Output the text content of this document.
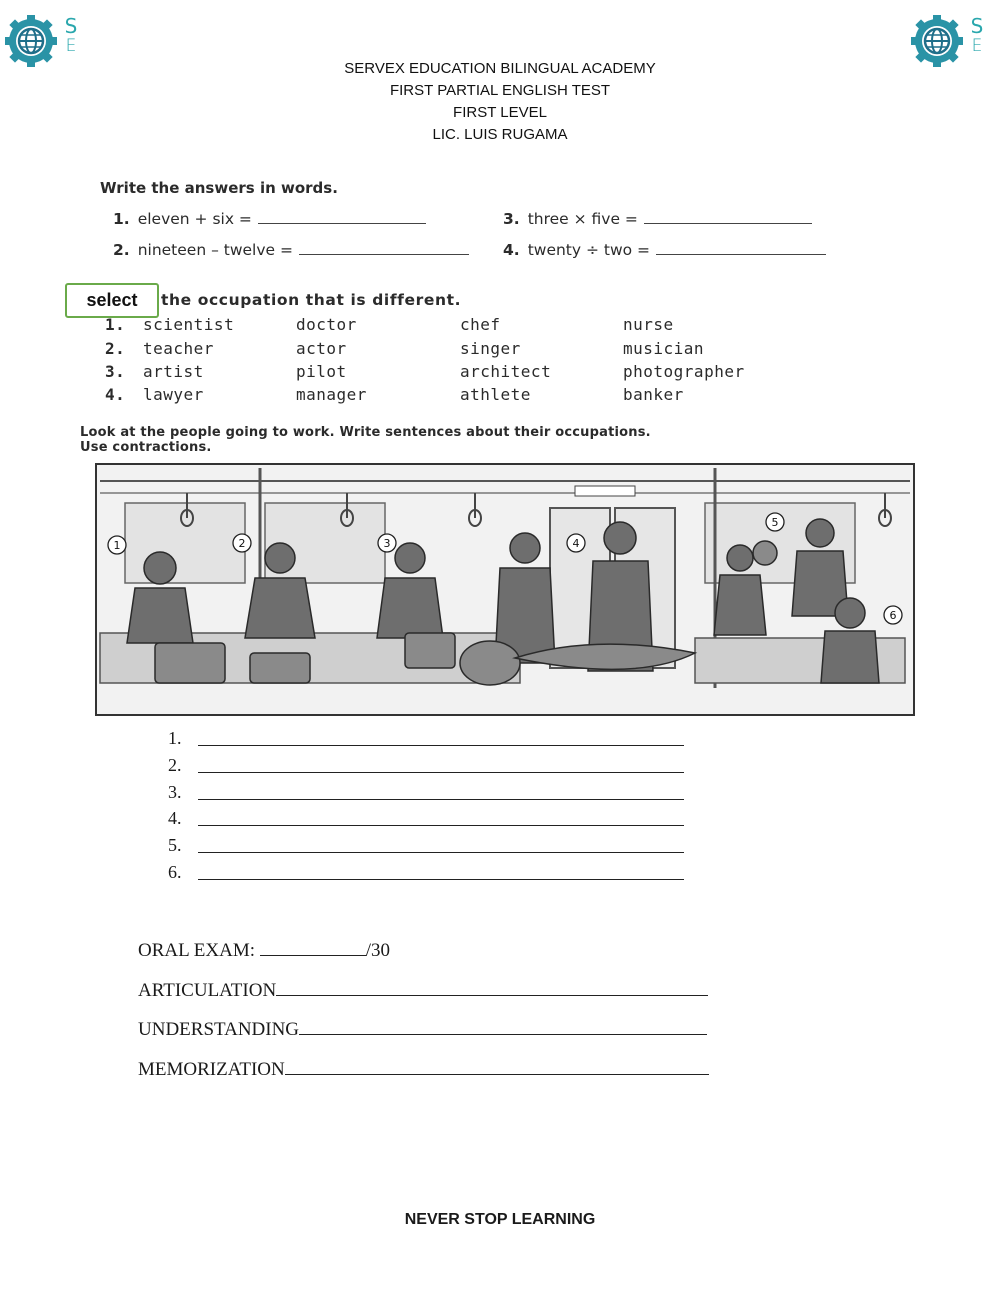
S
E
S
E
SERVEX EDUCATION BILINGUAL ACADEMY
FIRST PARTIAL ENGLISH TEST
FIRST LEVEL
LIC. LUIS RUGAMA
Write the answers in words.
1. eleven + six =
2. nineteen – twelve =
3. three × five =
4. twenty ÷ two =
select	the occupation that is different.
1. scientist	doctor	chef	nurse
2. teacher	actor	singer	musician
3. artist	pilot	architect	photographer
4. lawyer	manager	athlete	banker
Look at the people going to work. Write sentences about their occupations.
Use contractions.
1	2	3	4
5
6
1.
2.
3.
4.
5.
6.
ORAL EXAM:	/30
ARTICULATION
UNDERSTANDING
MEMORIZATION
NEVER STOP LEARNING
